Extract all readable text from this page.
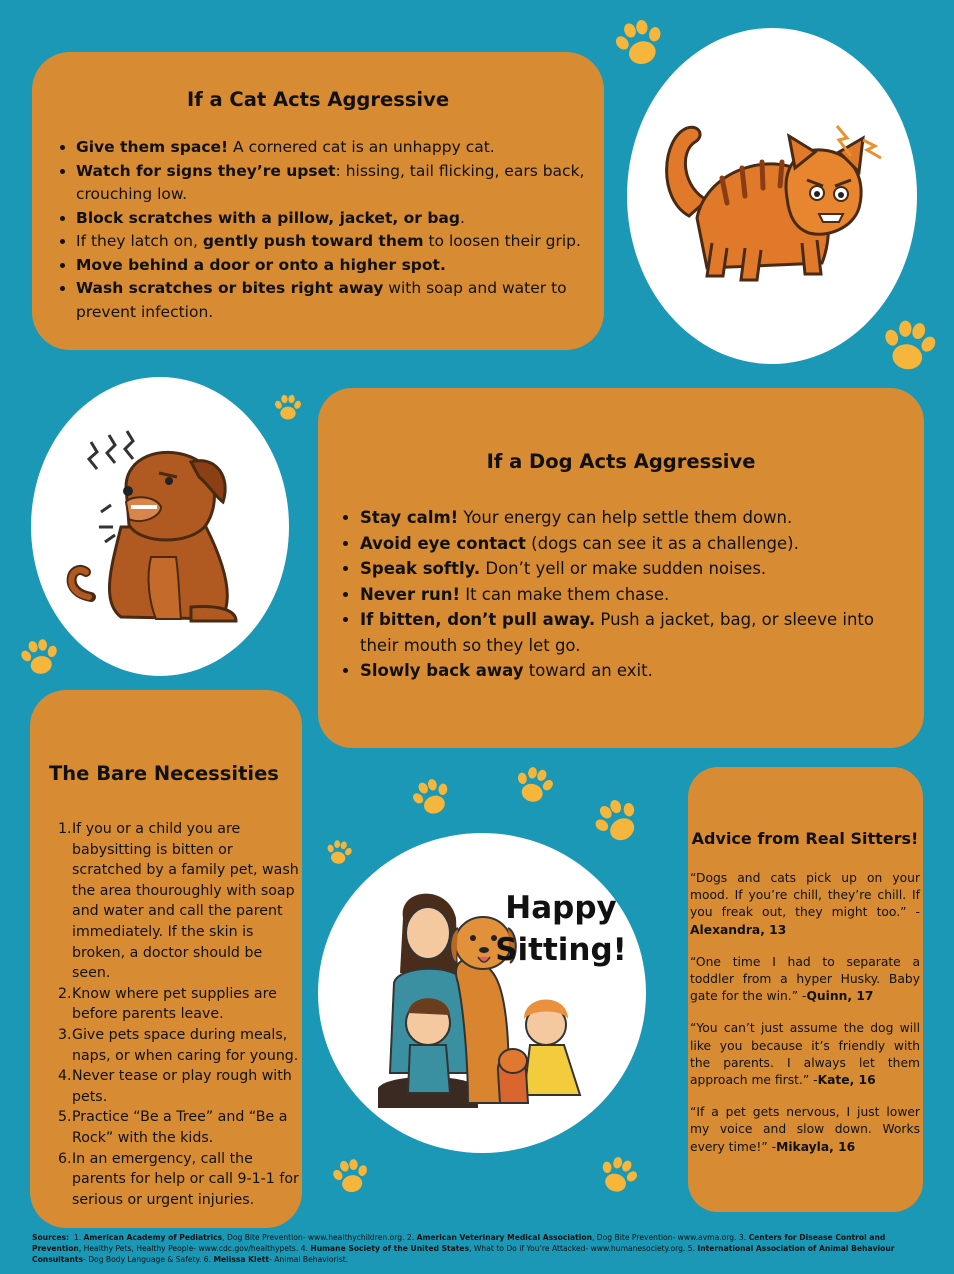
If a Cat Acts Aggressive
• Give them space! A cornered cat is an unhappy cat.
• Watch for signs they’re upset: hissing, tail flicking, ears back, crouching low.
• Block scratches with a pillow, jacket, or bag.
• If they latch on, gently push toward them to loosen their grip.
• Move behind a door or onto a higher spot.
• Wash scratches or bites right away with soap and water to prevent infection.
If a Dog Acts Aggressive
• Stay calm! Your energy can help settle them down.
• Avoid eye contact (dogs can see it as a challenge).
• Speak softly. Don’t yell or make sudden noises.
• Never run! It can make them chase.
• If bitten, don’t pull away. Push a jacket, bag, or sleeve into their mouth so they let go.
• Slowly back away toward an exit.
The Bare Necessities
If you or a child you are babysitting is bitten or scratched by a family pet, wash the area thouroughly with soap and water and call the parent immediately. If the skin is broken, a doctor should be seen.
Know where pet supplies are before parents leave.
Give pets space during meals, naps, or when caring for young.
Never tease or play rough with pets.
Practice “Be a Tree” and “Be a Rock” with the kids.
In an emergency, call the parents for help or call 9-1-1 for serious or urgent injuries.
Happy
Sitting!
Advice from Real Sitters!

“Dogs and cats pick up on your mood. If you’re chill, they’re chill. If you freak out, they might too.” -Alexandra, 13

“One time I had to separate a toddler from a hyper Husky. Baby gate for the win.” -Quinn, 17

“You can’t just assume the dog will like you because it’s friendly with the parents. I always let them approach me first.” -Kate, 16

“If a pet gets nervous, I just lower my voice and slow down. Works every time!” -Mikayla, 16

Sources: 1. American Academy of Pediatrics, Dog Bite Prevention- www.healthychildren.org. 2. American Veterinary Medical Association, Dog Bite Prevention- www.avma.org. 3. Centers for Disease Control and Prevention, Healthy Pets, Healthy People- www.cdc.gov/healthypets. 4. Humane Society of the United States, What to Do if You’re Attacked- www.humanesociety.org. 5. International Association of Animal Behaviour Consultants- Dog Body Language & Safety. 6. Melissa Klett- Animal Behaviorist.
